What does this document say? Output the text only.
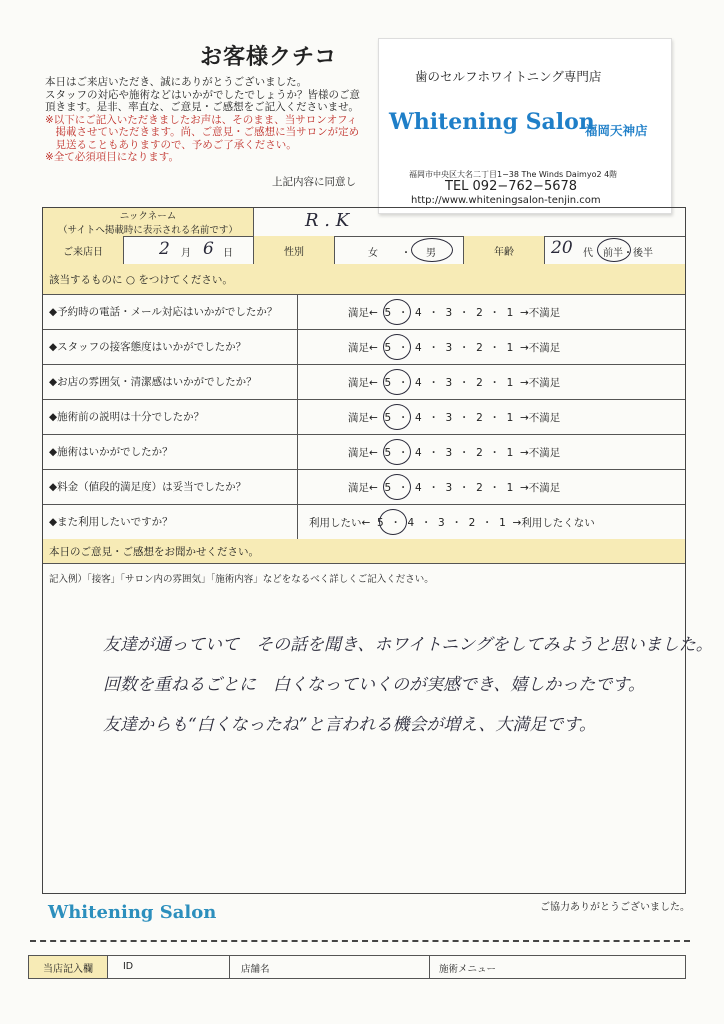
お客様クチコ
本日はご来店いただき、誠にありがとうございました。
スタッフの対応や施術などはいかがでしたでしょうか？皆様のご意
頂きます。是非、率直な、ご意見・ご感想をご記入くださいませ。
※以下にご記入いただきましたお声は、そのまま、当サロンオフィ
　掲載させていただきます。尚、ご意見・ご感想に当サロンが定め
　見送ることもありますので、予めご了承ください。
※全て必須項目になります。
上記内容に同意し
歯のセルフホワイトニング専門店
Whitening Salon
福岡天神店
福岡市中央区大名二丁目1−38 The Winds Daimyo2 4階
TEL 092−762−5678
http://www.whiteningsalon-tenjin.com
ニックネーム
（サイトへ掲載時に表示される名前です）	R . K
ご来店日	2 月 6 日	性別	女 ・ 男	年齢	20 代 前半・後半
該当するものに ○ をつけてください。
◆予約時の電話・メール対応はいかがでしたか？	満足←  5  ・  4  ・  3  ・  2  ・  1  →不満足
◆スタッフの接客態度はいかがでしたか？	満足←  5  ・  4  ・  3  ・  2  ・  1  →不満足
◆お店の雰囲気・清潔感はいかがでしたか？	満足←  5  ・  4  ・  3  ・  2  ・  1  →不満足
◆施術前の説明は十分でしたか？	満足←  5  ・  4  ・  3  ・  2  ・  1  →不満足
◆施術はいかがでしたか？	満足←  5  ・  4  ・  3  ・  2  ・  1  →不満足
◆料金（値段的満足度）は妥当でしたか？	満足←  5  ・  4  ・  3  ・  2  ・  1  →不満足
◆また利用したいですか？	利用したい←  5  ・  4  ・  3  ・  2  ・  1  →利用したくない
本日のご意見・ご感想をお聞かせください。
記入例）「接客」「サロン内の雰囲気」「施術内容」などをなるべく詳しくご記入ください。
友達が通っていて　その話を聞き、ホワイトニングをしてみようと思いました。
回数を重ねるごとに　白くなっていくのが実感でき、嬉しかったです。
友達からも“白くなったね”と言われる機会が増え、大満足です。
Whitening Salon	ご協力ありがとうございました。
当店記入欄	ID	店舗名	施術メニュー
